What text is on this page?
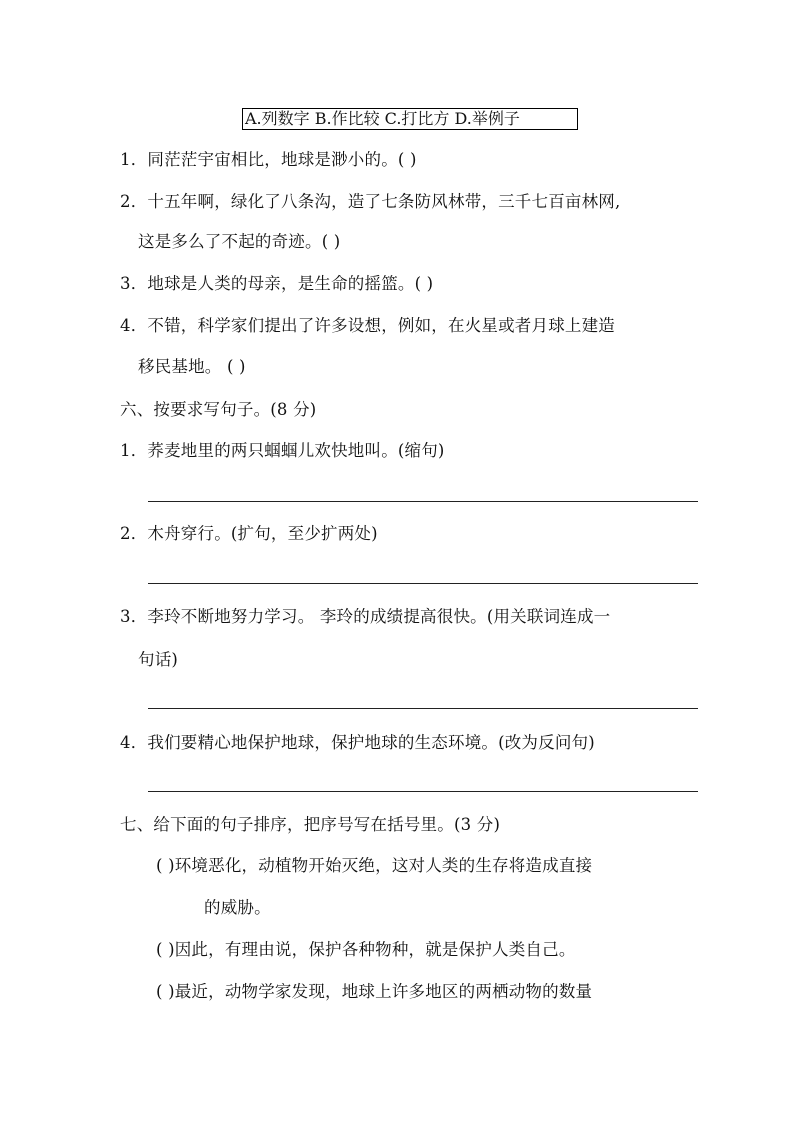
A.列数字 B.作比较 C.打比方 D.举例子
1．同茫茫宇宙相比，地球是渺小的。( )
2．十五年啊，绿化了八条沟，造了七条防风林带，三千七百亩林网,
这是多么了不起的奇迹。( )
3．地球是人类的母亲，是生命的摇篮。( )
4．不错，科学家们提出了许多设想，例如，在火星或者月球上建造
移民基地。 ( )
六、按要求写句子。(8 分)
1．荞麦地里的两只蝈蝈儿欢快地叫。(缩句)
2．木舟穿行。(扩句，至少扩两处)
3．李玲不断地努力学习。 李玲的成绩提高很快。(用关联词连成一
句话)
4．我们要精心地保护地球，保护地球的生态环境。(改为反问句)
七、给下面的句子排序，把序号写在括号里。(3 分)
( )环境恶化，动植物开始灭绝，这对人类的生存将造成直接
的威胁。
( )因此，有理由说，保护各种物种，就是保护人类自己。
( )最近，动物学家发现，地球上许多地区的两栖动物的数量
